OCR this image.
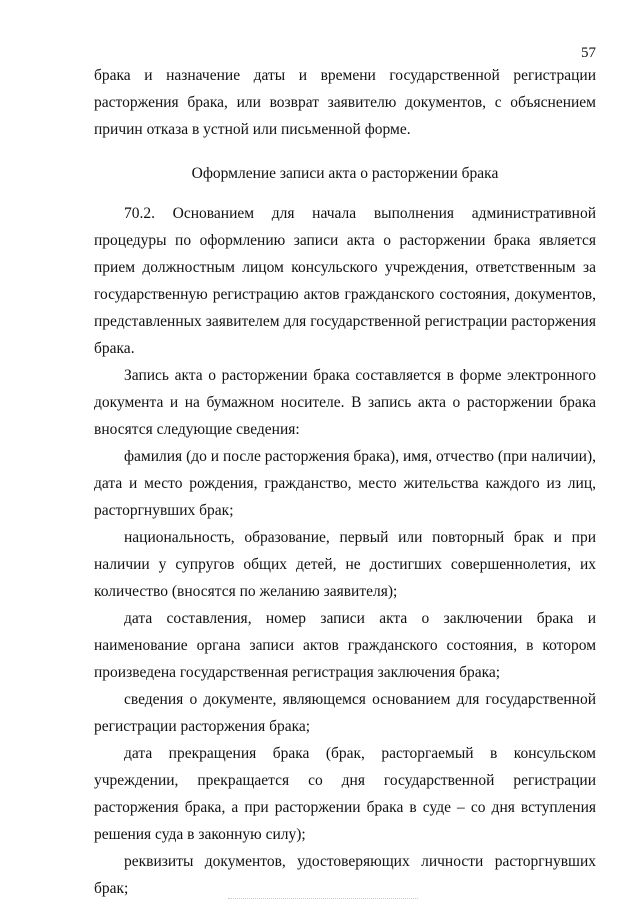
57

брака и назначение даты и времени государственной регистрации расторжения брака, или возврат заявителю документов, с объяснением причин отказа в устной или письменной форме.

Оформление записи акта о расторжении брака

70.2. Основанием для начала выполнения административной процедуры по оформлению записи акта о расторжении брака является прием должностным лицом консульского учреждения, ответственным за государственную регистрацию актов гражданского состояния, документов, представленных заявителем для государственной регистрации расторжения брака.

Запись акта о расторжении брака составляется в форме электронного документа и на бумажном носителе. В запись акта о расторжении брака вносятся следующие сведения:

фамилия (до и после расторжения брака), имя, отчество (при наличии), дата и место рождения, гражданство, место жительства каждого из лиц, расторгнувших брак;

национальность, образование, первый или повторный брак и при наличии у супругов общих детей, не достигших совершеннолетия, их количество (вносятся по желанию заявителя);

дата составления, номер записи акта о заключении брака и наименование органа записи актов гражданского состояния, в котором произведена государственная регистрация заключения брака;

сведения о документе, являющемся основанием для государственной регистрации расторжения брака;

дата прекращения брака (брак, расторгаемый в консульском учреждении, прекращается со дня государственной регистрации расторжения брака, а при расторжении брака в суде – со дня вступления решения суда в законную силу);

реквизиты документов, удостоверяющих личности расторгнувших брак;
